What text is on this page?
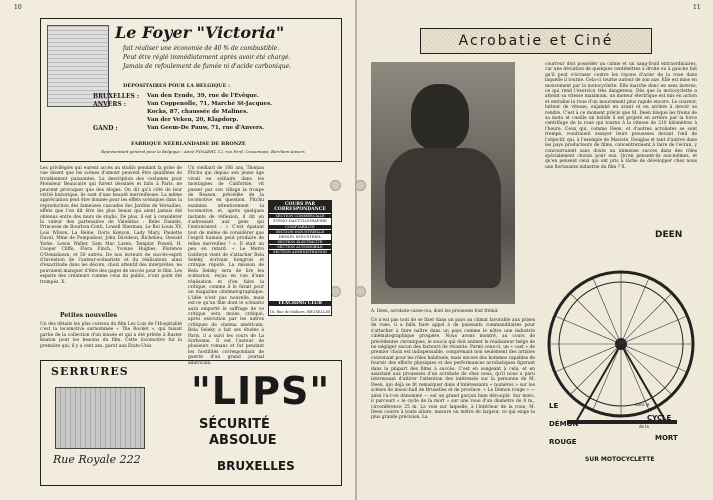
10
Le Foyer "Victoria"
fait réaliser une économie de 40 % de combustible.
Peut être réglé immédiatement après avoir été chargé.
Jamais de refoulement de fumée ni d'acide carbonique.
DÉPOSITAIRES POUR LA BELGIQUE :
BRUXELLES :
ANVERS :
GAND :
Van den Eynde, 39, rue de l'Evêque.
Van Coppenolle, 71, Marché St-Jacques.
Kocks, 87, chaussée de Malines.
Van der Veken, 20, Klapdorp.
Van Geem-De Pauw, 71, rue d'Anvers.
FABRIQUE NEERLANDAISE DE BRONZE
Représentant général pour la Belgique : Aimé PYNAERT, 12, rue Ferd. Coosemans, Berchem-Anvers
Les privilégiés qui eurent accès au studio pendant la prise de vue disent que les scènes d'amour peuvent être qualifiées de troublement puissantes. La description des costumes pour Monsieur Beaucaire qui furent dessinés et faits à Paris, ne peuvent provoquer que des éloges. On dit qu'à côté de leur vérité historique, ils sont d'une beauté merveilleuse. La même appréciation peut être donnée pour les effets scéniques dans la reproduction des fameuses cascades des Jardins de Versailles, effets que l'on dit être les plus beaux qui aient jamais été obtenus entre des murs de studio. De plus, il est à considérer la valeur des partenaires de Valentino : Bebe Daniels, Princesse de Bourbon-Conti, Lowell Sherman, Le Roi Louis XV, Lois Wilson, La Reine, Doris Kenyon, Lady Mary, Paulette Duval, Mme de Pompadour, John Davidson, Richelieu, Oswald Yorke, Lewis Waller, Sam Mac Laren, Templar Powell, H. Cooper Cliffe, Flora Finch, Yvonne Hughes, Florence O'Denishawn, et 50 autres. De nos lecteurs de succès-esprit d'invention de l'auteur-scénariste et du réalisateur, ainsi d'exactitude dans les décors, choix attentif des interprètes, ne pouvaient manquer d'être des gages de succès pour le film. Les espoirs des créateurs comme ceux du public, n'ont point été trompés. X.
Un vieillard de 106 ans, Thomas Pitchu qui depuis son jeune âge vivait en solitaire dans les montagnes de Californie, vit passer par son village la troupe de Reason, précédée de la locomotive en question. Pitchu examina attentivement la locomotive, et, après quelques instants de réflexion, il dit en s'adressant aux gens qui l'entouraient : « C'est épatant tout de même de considérer que l'esprit humain peut produire de telles merveilles ! ». Il était un peu en retard. « Le Metro Goldwyn vient de s'attacher Bela Seleky, écrivain hongrois et critique réputé. La mission de Bela Seleky sera de lire les scénarios, reçus en vue d'une réalisation et d'en faire la critique, comme il le ferait pour un magazine cinématographique. L'idée n'est pas nouvelle, mais est-ce qu'un film dont le scénario aura emporté le suffrage de ce critique sera moins critiqué, après exécution par les autres critiques de cinéma américain. Bela Seleky a fait ses études à Paris, il a suivi les cours de La Sorbonne. Il est l'auteur de plusieurs romans et fut pendant les hostilités correspondant de guerre d'un grand journal américain.
COURS PAR CORRESPONDANCE
SECTION COMMERCIALE
STÉNO-DACTYLOGRAPHIE
COMPTABILITÉ
SECTION INDUSTRIELLE
DESSIN INDUSTRIEL
SECTION ÉLECTRICITÉ
SECTION AUTOMOBILE
SECTION ADMINISTRATION
TEACHING CLUB
18, Rue de Malines, BRUXELLES
Petites nouvelles
Un des détails les plus curieux du film Les Lois de l'Hospitalité c'est la locomotive surnommée « The Rocket », qui faisait partie de la collection d'un musée et qui a été prêtée à Buster Keaton pour les besoins du film. Cette locomotive fut la première qui, il y a cent ans, parut aux Etats-Unis.
SERRURES
Rue Royale 222
"LIPS"
SÉCURITÉ
ABSOLUE
BRUXELLES
11
Acrobatie et Ciné
A. Deen, acrobate-casse-cou, dont les prouesses font frémir.
Ce n'est pas tout de se fixer dans un pays au climat favorable aux prises de vues, il a fallu faire appel à de puissants commanditaires pour s'attacher à faire naître dans un pays comme le nôtre une industrie cinématographique prospère. Nous avons montré, au cours de précédentes chroniques, le soucis qui doit animer le réalisateur belge de ne négliger aucun des facteurs de réussite. Parmi ceux-ci, un « cast » de premier choix est indispensable, comprenant non seulement des artistes convenant pour les rôles habituels, mais encore des hommes capables de fournir des efforts physiques et des performances acrobatiques figurant dans la plupart des films à succès. C'est en songeant à cela, et en assistant aux prouesses d'un acrobate de chez nous, qu'il nous a paru intéressant d'attirer l'attention des intéressés sur la personne de M. Deen, qui déjà se fit remarquer dans d'intéressants « numéros » sur les scènes de music-hall de Bruxelles et de province. « Le Démon rouge » — ainsi l'a-t-on dénommé — est un grand garçon bien découplé. Sur moto, il parcourt « le cycle de la mort » sur une roue d'un diamètre de 8 m., circonférence 25 m. La voie sur laquelle, à l'intérieur de la roue, M. Deen courre à toute allure, mesure un mètre de largeur, ce qui exige la plus grande précision. La
courreur doit posséder un calme et un sang-froid extraordinaires, car une déviation de quelques centimètres à droite ou à gauche fait qu'il peut s'écraser contre les rayons d'acier de la roue dans laquelle il tourne. Cela-ci tourne autour de son axe. Elle est mise en mouvement par la motocyclette. Elle marche donc en sens inverse, ce qui rend l'exercice très dangereux. Dès que la motocyclette a atteint sa vitesse maximum, un moteur électrique est mis en action et entraîne la roue d'un mouvement plus rapide encore. Le coureur, lutteur de vitesse, enjambé en avant et en arrière à devoir se rendre. C'est à ce moment précis que M. Deen bloque les freins de sa moto et cueille un bolide il est projeté en arrière par la force centrifuge de la roue qui tourne à la vitesse de 210 kilomètres à l'heure. Ceux qui, comme Deen, et d'autres acrobates se sont trempé, voudraient essayer leurs prouesses devant l'œil de l'objectif, qui, à l'exemple de Maciste, Douglas et tant d'autres dans les pays producteurs de films, concentreraient à faire de l'écran, y concourraient sans doute un immense succès dans des rôles spécialement choisis pour eux. Qu'en pensent-ils eux-mêmes, et qu'en pensent ceux qui ont pris à tâche de développer chez nous une florissante industrie du film ? X.
DEEN
LE
DÉMON
ROUGE
dans le
CYCLE
de la
MORT
SUR MOTOCYCLETTE
